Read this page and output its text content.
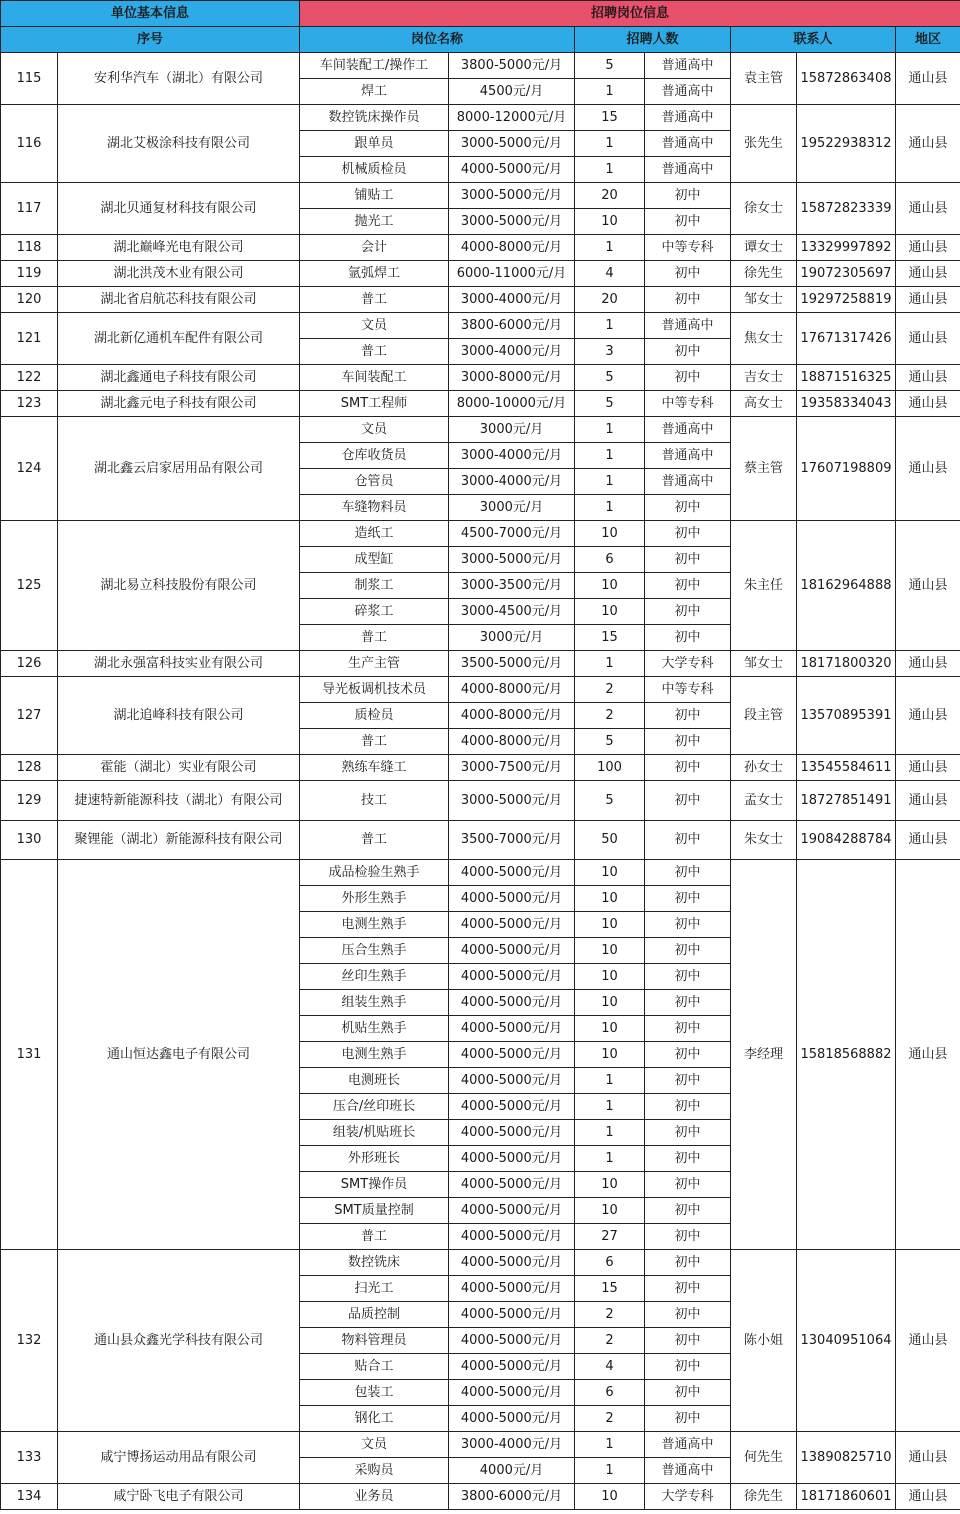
单位基本信息		招聘岗位信息						
序号		岗位名称		招聘人数		联系人		地区
115	安利华汽车（湖北）有限公司	车间装配工/操作工	3800-5000元/月	5	普通高中	袁主管	15872863408	通山县
		焊工	4500元/月	1	普通高中			
116	湖北艾极涂科技有限公司	数控铣床操作员	8000-12000元/月	15	普通高中	张先生	19522938312	通山县
		跟单员	3000-5000元/月	1	普通高中			
		机械质检员	4000-5000元/月	1	普通高中			
117	湖北贝通复材科技有限公司	铺贴工	3000-5000元/月	20	初中	徐女士	15872823339	通山县
		抛光工	3000-5000元/月	10	初中			
118	湖北巅峰光电有限公司	会计	4000-8000元/月	1	中等专科	谭女士	13329997892	通山县
119	湖北洪茂木业有限公司	氩弧焊工	6000-11000元/月	4	初中	徐先生	19072305697	通山县
120	湖北省启航芯科技有限公司	普工	3000-4000元/月	20	初中	邹女士	19297258819	通山县
121	湖北新亿通机车配件有限公司	文员	3800-6000元/月	1	普通高中	焦女士	17671317426	通山县
		普工	3000-4000元/月	3	初中			
122	湖北鑫通电子科技有限公司	车间装配工	3000-8000元/月	5	初中	吉女士	18871516325	通山县
123	湖北鑫元电子科技有限公司	SMT工程师	8000-10000元/月	5	中等专科	高女士	19358334043	通山县
124	湖北鑫云启家居用品有限公司	文员	3000元/月	1	普通高中	蔡主管	17607198809	通山县
		仓库收货员	3000-4000元/月	1	普通高中			
		仓管员	3000-4000元/月	1	普通高中			
		车缝物料员	3000元/月	1	初中			
125	湖北易立科技股份有限公司	造纸工	4500-7000元/月	10	初中	朱主任	18162964888	通山县
		成型缸	3000-5000元/月	6	初中			
		制浆工	3000-3500元/月	10	初中			
		碎浆工	3000-4500元/月	10	初中			
		普工	3000元/月	15	初中			
126	湖北永强富科技实业有限公司	生产主管	3500-5000元/月	1	大学专科	邹女士	18171800320	通山县
127	湖北追峰科技有限公司	导光板调机技术员	4000-8000元/月	2	中等专科	段主管	13570895391	通山县
		质检员	4000-8000元/月	2	初中			
		普工	4000-8000元/月	5	初中			
128	霍能（湖北）实业有限公司	熟练车缝工	3000-7500元/月	100	初中	孙女士	13545584611	通山县
129	捷速特新能源科技（湖北）有限公司	技工	3000-5000元/月	5	初中	孟女士	18727851491	通山县
130	聚锂能（湖北）新能源科技有限公司	普工	3500-7000元/月	50	初中	朱女士	19084288784	通山县
131	通山恒达鑫电子有限公司	成品检验生熟手	4000-5000元/月	10	初中	李经理	15818568882	通山县
		外形生熟手	4000-5000元/月	10	初中			
		电测生熟手	4000-5000元/月	10	初中			
		压合生熟手	4000-5000元/月	10	初中			
		丝印生熟手	4000-5000元/月	10	初中			
		组装生熟手	4000-5000元/月	10	初中			
		机贴生熟手	4000-5000元/月	10	初中			
		电测生熟手	4000-5000元/月	10	初中			
		电测班长	4000-5000元/月	1	初中			
		压合/丝印班长	4000-5000元/月	1	初中			
		组装/机贴班长	4000-5000元/月	1	初中			
		外形班长	4000-5000元/月	1	初中			
		SMT操作员	4000-5000元/月	10	初中			
		SMT质量控制	4000-5000元/月	10	初中			
		普工	4000-5000元/月	27	初中			
132	通山县众鑫光学科技有限公司	数控铣床	4000-5000元/月	6	初中	陈小姐	13040951064	通山县
		扫光工	4000-5000元/月	15	初中			
		品质控制	4000-5000元/月	2	初中			
		物料管理员	4000-5000元/月	2	初中			
		贴合工	4000-5000元/月	4	初中			
		包装工	4000-5000元/月	6	初中			
		钢化工	4000-5000元/月	2	初中			
133	咸宁博扬运动用品有限公司	文员	3000-4000元/月	1	普通高中	何先生	13890825710	通山县
		采购员	4000元/月	1	普通高中			
134	咸宁卧飞电子有限公司	业务员	3800-6000元/月	10	大学专科	徐先生	18171860601	通山县
